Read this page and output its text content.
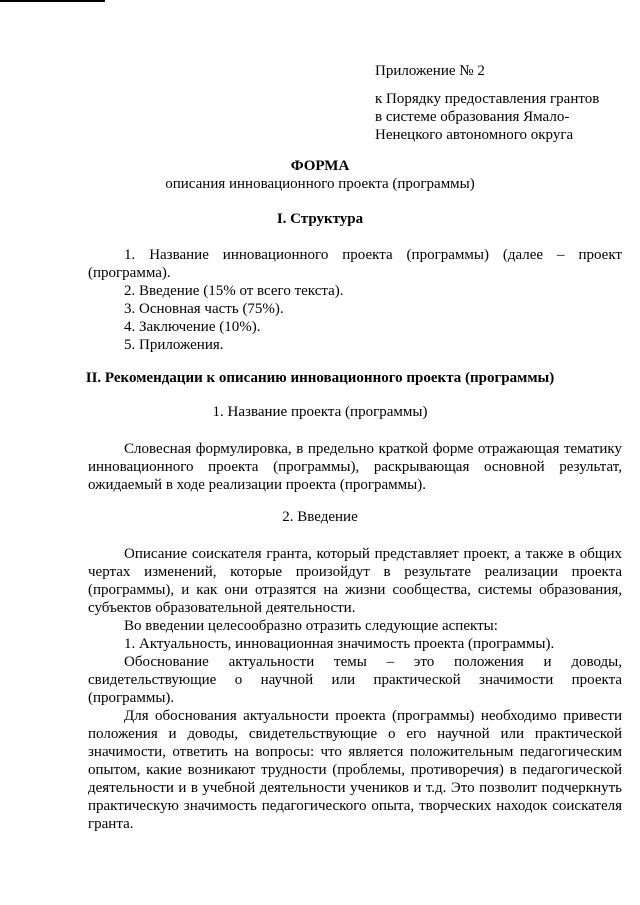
Приложение № 2

к Порядку предоставления грантов

в системе образования Ямало-

Ненецкого автономного округа

ФОРМА
описания инновационного проекта (программы)
I. Структура
1. Название инновационного проекта (программы) (далее – проект
(программа).
2. Введение (15% от всего текста).
3. Основная часть (75%).
4. Заключение (10%).
5. Приложения.
II. Рекомендации к описанию инновационного проекта (программы)
1. Название проекта (программы)

Словесная формулировка, в предельно краткой форме отражающая тематику инновационного проекта (программы), раскрывающая основной результат, ожидаемый в ходе реализации проекта (программы).

2. Введение

Описание соискателя гранта, который представляет проект, а также в общих чертах изменений, которые произойдут в результате реализации проекта (программы), и как они отразятся на жизни сообщества, системы образования, субъектов образовательной деятельности.

Во введении целесообразно отразить следующие аспекты:
1. Актуальность, инновационная значимость проекта (программы).
Обоснование актуальности темы – это положения и доводы,
свидетельствующие о научной или практической значимости проекта
(программы).

Для обоснования актуальности проекта (программы) необходимо привести положения и доводы, свидетельствующие о его научной или практической значимости, ответить на вопросы: что является положительным педагогическим опытом, какие возникают трудности (проблемы, противоречия) в педагогической деятельности и в учебной деятельности учеников и т.д. Это позволит подчеркнуть практическую значимость педагогического опыта, творческих находок соискателя гранта.
